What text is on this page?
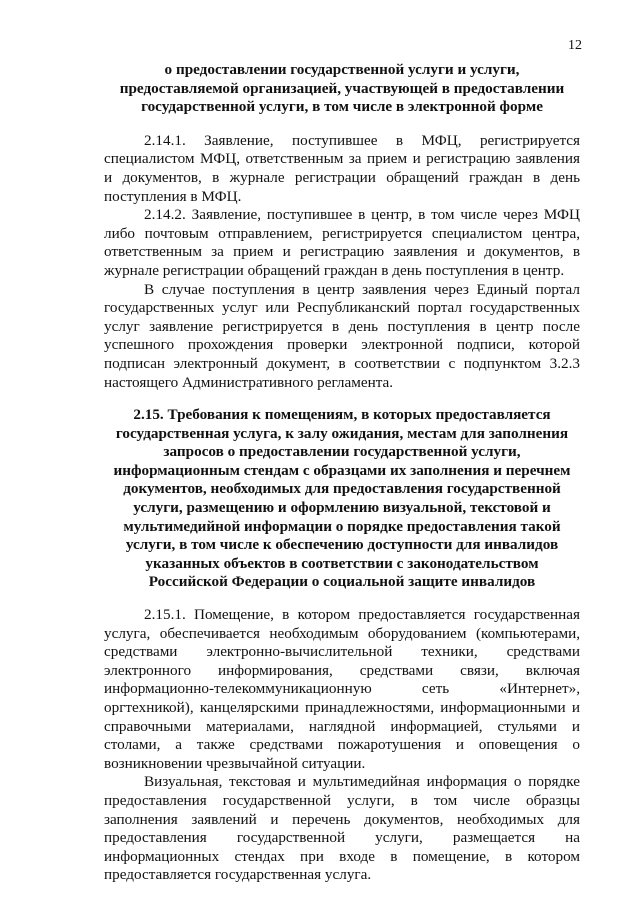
12

о предоставлении государственной услуги и услуги, предоставляемой организацией, участвующей в предоставлении государственной услуги, в том числе в электронной форме

2.14.1. Заявление, поступившее в МФЦ, регистрируется специалистом МФЦ, ответственным за прием и регистрацию заявления и документов, в журнале регистрации обращений граждан в день поступления в МФЦ.

2.14.2. Заявление, поступившее в центр, в том числе через МФЦ либо почтовым отправлением, регистрируется специалистом центра, ответственным за прием и регистрацию заявления и документов, в журнале регистрации обращений граждан в день поступления в центр.

В случае поступления в центр заявления через Единый портал государственных услуг или Республиканский портал государственных услуг заявление регистрируется в день поступления в центр после успешного прохождения проверки электронной подписи, которой подписан электронный документ, в соответствии с подпунктом 3.2.3 настоящего Административного регламента.

2.15. Требования к помещениям, в которых предоставляется государственная услуга, к залу ожидания, местам для заполнения запросов о предоставлении государственной услуги, информационным стендам с образцами их заполнения и перечнем документов, необходимых для предоставления государственной услуги, размещению и оформлению визуальной, текстовой и мультимедийной информации о порядке предоставления такой услуги, в том числе к обеспечению доступности для инвалидов указанных объектов в соответствии с законодательством Российской Федерации о социальной защите инвалидов

2.15.1. Помещение, в котором предоставляется государственная услуга, обеспечивается необходимым оборудованием (компьютерами, средствами электронно-вычислительной техники, средствами электронного информирования, средствами связи, включая информационно-телекоммуникационную сеть «Интернет», оргтехникой), канцелярскими принадлежностями, информационными и справочными материалами, наглядной информацией, стульями и столами, а также средствами пожаротушения и оповещения о возникновении чрезвычайной ситуации.

Визуальная, текстовая и мультимедийная информация о порядке предоставления государственной услуги, в том числе образцы заполнения заявлений и перечень документов, необходимых для предоставления государственной услуги, размещается на информационных стендах при входе в помещение, в котором предоставляется государственная услуга.
